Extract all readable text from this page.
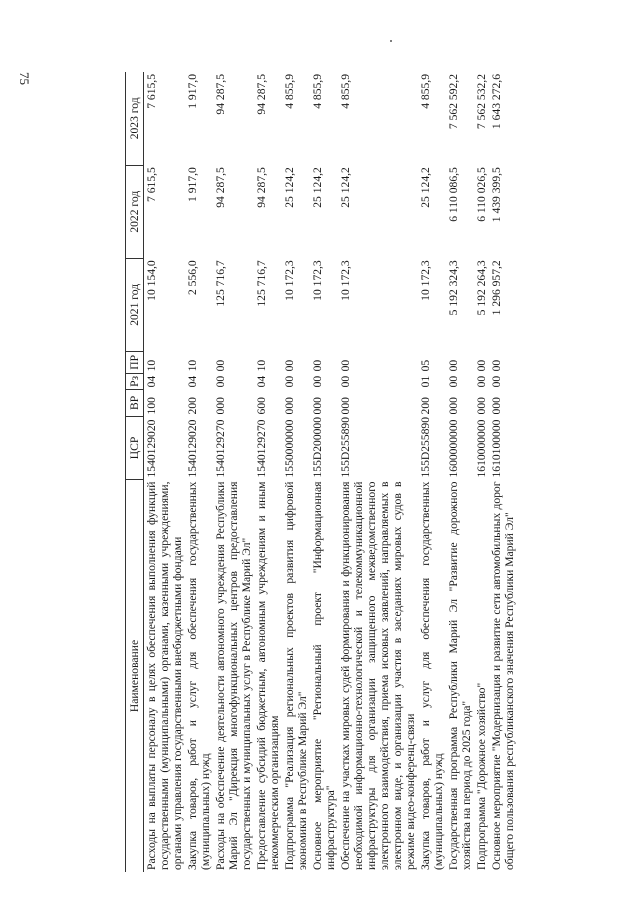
75
Наименование	ЦСР	ВР	Рз	ПР	2021 год	2022 год	2023 год
Расходы на выплаты персоналу в целях обеспечения выполнения функций государственными (муниципальными) органами, казенными учреждениями, органами управления государственными внебюджетными фондами	1540129020	100	04	10	10 154,0	7 615,5	7 615,5
Закупка товаров, работ и услуг для обеспечения государственных (муниципальных) нужд	1540129020	200	04	10	2 556,0	1 917,0	1 917,0
Расходы на обеспечение деятельности автономного учреждения Республики Марий Эл "Дирекция многофункциональных центров предоставления государственных и муниципальных услуг в Республике Марий Эл"	1540129270	000	00	00	125 716,7	94 287,5	94 287,5
Предоставление субсидий бюджетным, автономным учреждениям и иным некоммерческим организациям	1540129270	600	04	10	125 716,7	94 287,5	94 287,5
Подпрограмма "Реализация региональных проектов развития цифровой экономики в Республике Марий Эл"	1550000000	000	00	00	10 172,3	25 124,2	4 855,9
Основное мероприятие "Региональный проект "Информационная инфраструктура"	155D200000	000	00	00	10 172,3	25 124,2	4 855,9
Обеспечение на участках мировых судей формирования и функционирования необходимой информационно-технологической и телекоммуникационной инфраструктуры для организации защищенного межведомственного электронного взаимодействия, приема исковых заявлений, направляемых в электронном виде, и организации участия в заседаниях мировых судов в режиме видео-конференц-связи	155D255890	000	00	00	10 172,3	25 124,2	4 855,9
Закупка товаров, работ и услуг для обеспечения государственных (муниципальных) нужд	155D255890	200	01	05	10 172,3	25 124,2	4 855,9
Государственная программа Республики Марий Эл "Развитие дорожного хозяйства на период до 2025 года"	1600000000	000	00	00	5 192 324,3	6 110 086,5	7 562 592,2
Подпрограмма "Дорожное хозяйство"	1610000000	000	00	00	5 192 264,3	6 110 026,5	7 562 532,2
Основное мероприятие "Модернизация и развитие сети автомобильных дорог общего пользования республиканского значения Республики Марий Эл"	1610100000	000	00	00	1 296 957,2	1 439 399,5	1 643 272,6
